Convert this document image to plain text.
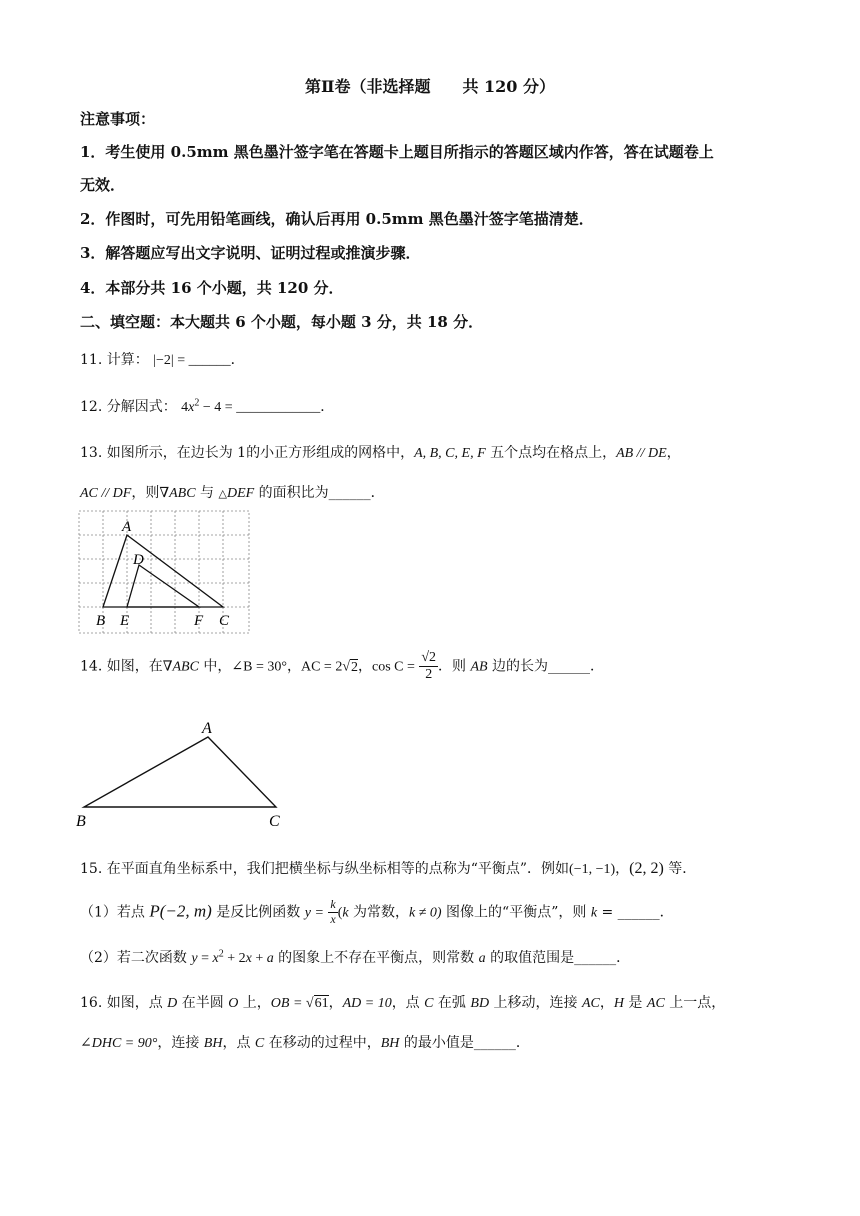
第Ⅱ卷（非选择题　　共 120 分）
注意事项：
1．考生使用 0.5mm 黑色墨汁签字笔在答题卡上题目所指示的答题区域内作答，答在试题卷上
无效．
2．作图时，可先用铅笔画线，确认后再用 0.5mm 黑色墨汁签字笔描清楚．
3．解答题应写出文字说明、证明过程或推演步骤．
4．本部分共 16 个小题，共 120 分．
二、填空题：本大题共 6 个小题，每小题 3 分，共 18 分．
11. 计算： |−2| = ______．
12. 分解因式： $4x^2 - 4$ = ____________．
13. 如图所示，在边长为 1的小正方形组成的网格中，A, B, C, E, F 五个点均在格点上，AB // DE，
AC // DF，则∇ABC 与 △DEF 的面积比为______．
A
D
B E	F C
14. 如图，在∇ABC 中，∠B = 30°，AC = 2√2，$\cos C = \frac{√2}{2}$ ．则 AB 边的长为______．
A
B	C
15. 在平面直角坐标系中，我们把横坐标与纵坐标相等的点称为“平衡点”．例如(−1, −1)，(2, 2) 等．
（1）若点 P(−2, m) 是反比例函数 $y = \frac{k}{x} (k$ 为常数，k ≠ 0) 图像上的“平衡点”，则 k = ______．
（2）若二次函数 $y = x^2 + 2x + a$ 的图象上不存在平衡点，则常数 a 的取值范围是______．
16. 如图，点 D 在半圆 O 上，OB = √61，AD = 10，点 C 在弧 BD 上移动，连接 AC，H 是 AC 上一点，
∠DHC = 90°，连接 BH，点 C 在移动的过程中，BH 的最小值是______．
